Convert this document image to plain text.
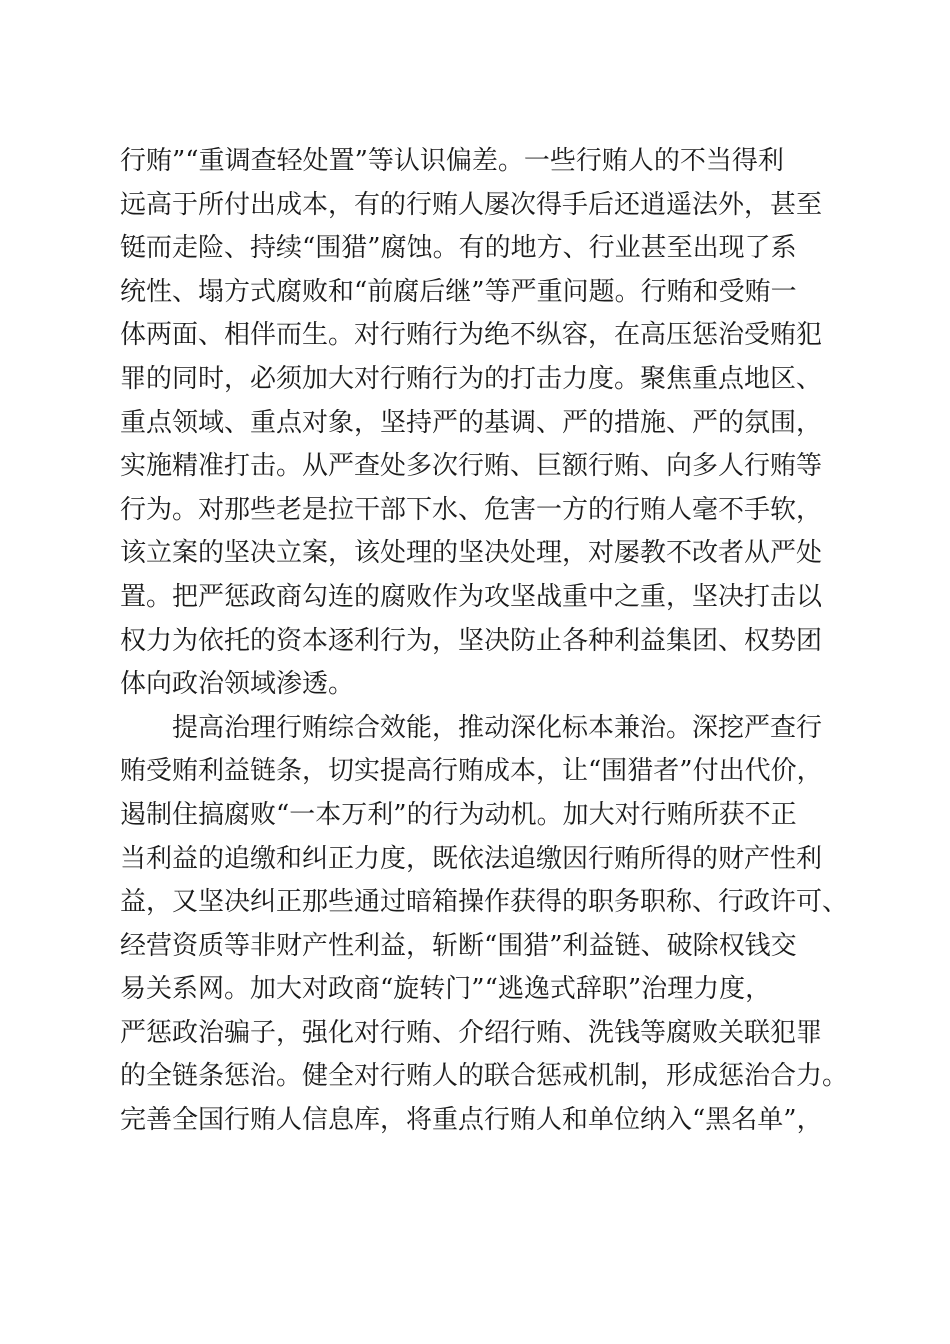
行贿”“重调查轻处置”等认识偏差。一些行贿人的不当得利
远高于所付出成本，有的行贿人屡次得手后还逍遥法外，甚至
铤而走险、持续“围猎”腐蚀。有的地方、行业甚至出现了系
统性、塌方式腐败和“前腐后继”等严重问题。行贿和受贿一
体两面、相伴而生。对行贿行为绝不纵容，在高压惩治受贿犯
罪的同时，必须加大对行贿行为的打击力度。聚焦重点地区、
重点领域、重点对象，坚持严的基调、严的措施、严的氛围，
实施精准打击。从严查处多次行贿、巨额行贿、向多人行贿等
行为。对那些老是拉干部下水、危害一方的行贿人毫不手软，
该立案的坚决立案，该处理的坚决处理，对屡教不改者从严处
置。把严惩政商勾连的腐败作为攻坚战重中之重，坚决打击以
权力为依托的资本逐利行为，坚决防止各种利益集团、权势团
体向政治领域渗透。
提高治理行贿综合效能，推动深化标本兼治。深挖严查行
贿受贿利益链条，切实提高行贿成本，让“围猎者”付出代价，
遏制住搞腐败“一本万利”的行为动机。加大对行贿所获不正
当利益的追缴和纠正力度，既依法追缴因行贿所得的财产性利
益，又坚决纠正那些通过暗箱操作获得的职务职称、行政许可、
经营资质等非财产性利益，斩断“围猎”利益链、破除权钱交
易关系网。加大对政商“旋转门”“逃逸式辞职”治理力度，
严惩政治骗子，强化对行贿、介绍行贿、洗钱等腐败关联犯罪
的全链条惩治。健全对行贿人的联合惩戒机制，形成惩治合力。
完善全国行贿人信息库，将重点行贿人和单位纳入“黑名单”，
